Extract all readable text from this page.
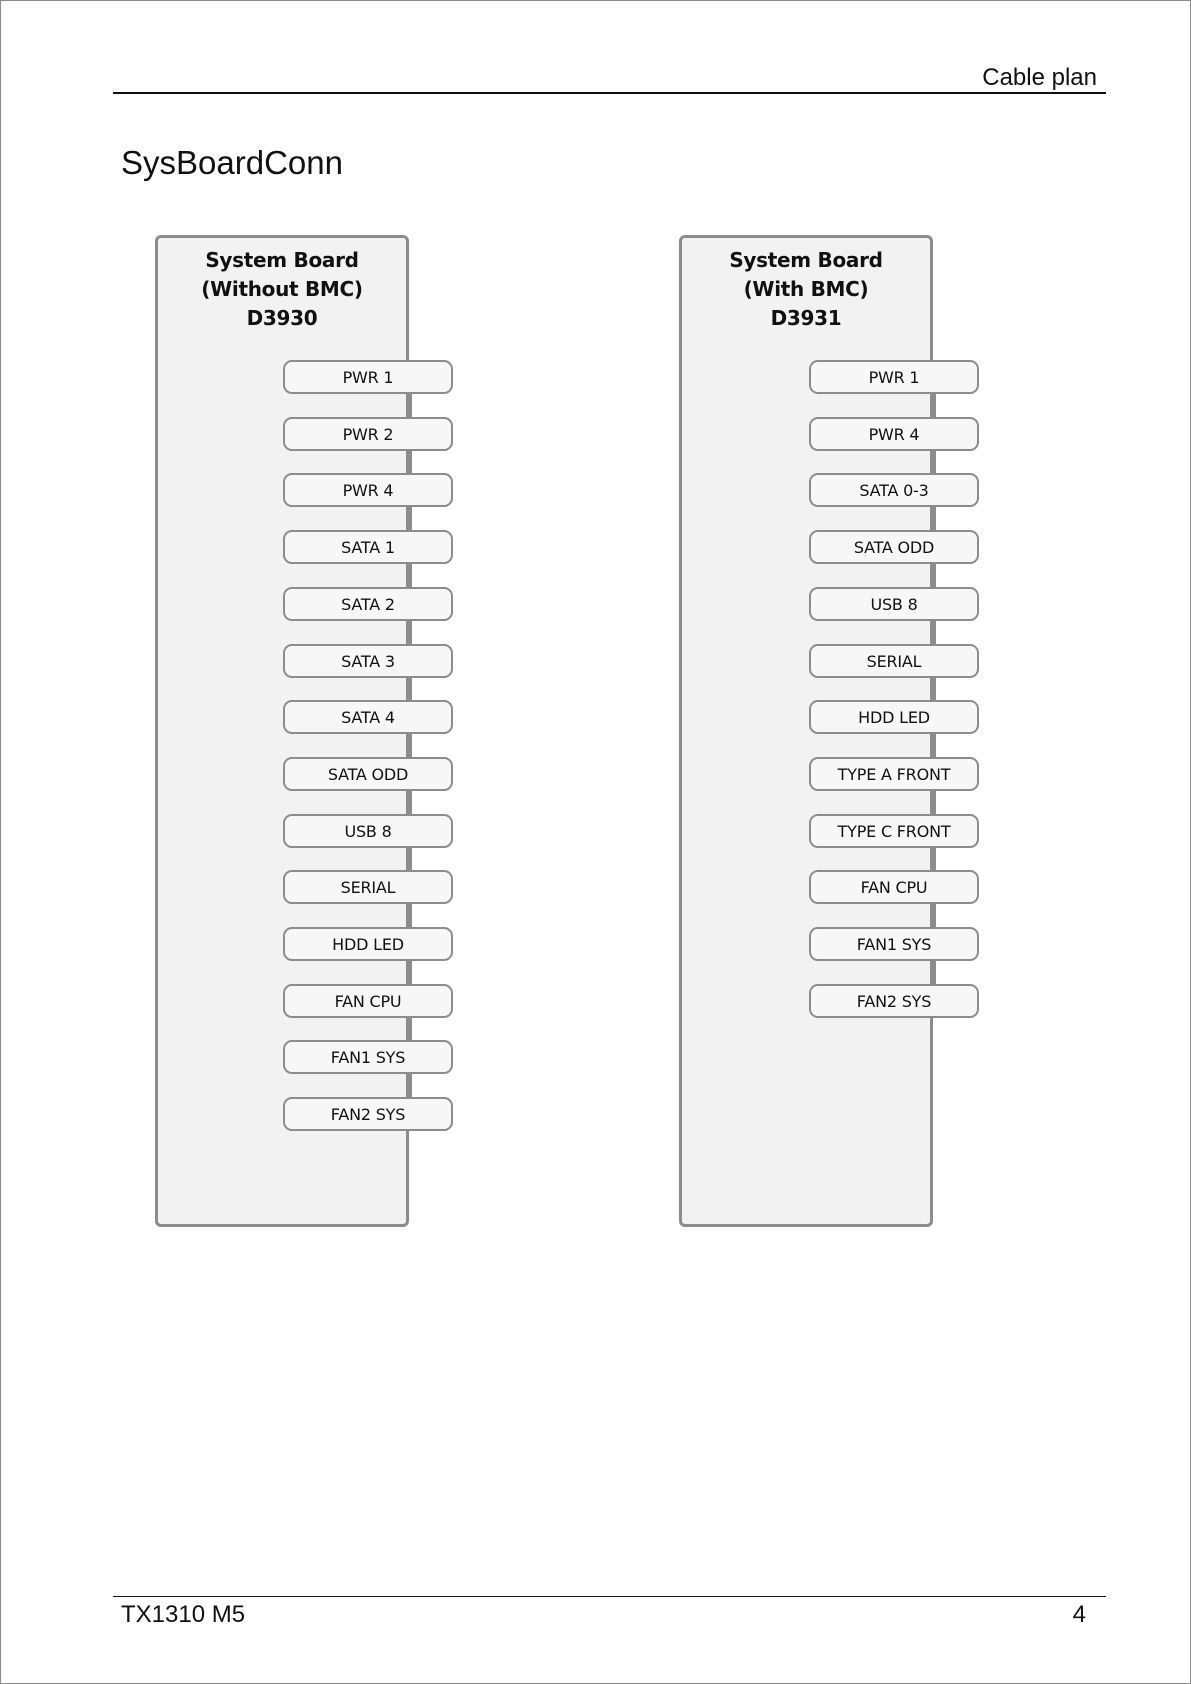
Cable plan
SysBoardConn
System Board
(Without BMC)
D3930
PWR 1
PWR 2
PWR 4
SATA 1
SATA 2
SATA 3
SATA 4
SATA ODD
USB 8
SERIAL
HDD LED
FAN CPU
FAN1 SYS
FAN2 SYS
System Board
(With BMC)
D3931
PWR 1
PWR 4
SATA 0-3
SATA ODD
USB 8
SERIAL
HDD LED
TYPE A FRONT
TYPE C FRONT
FAN CPU
FAN1 SYS
FAN2 SYS
TX1310 M5	4
